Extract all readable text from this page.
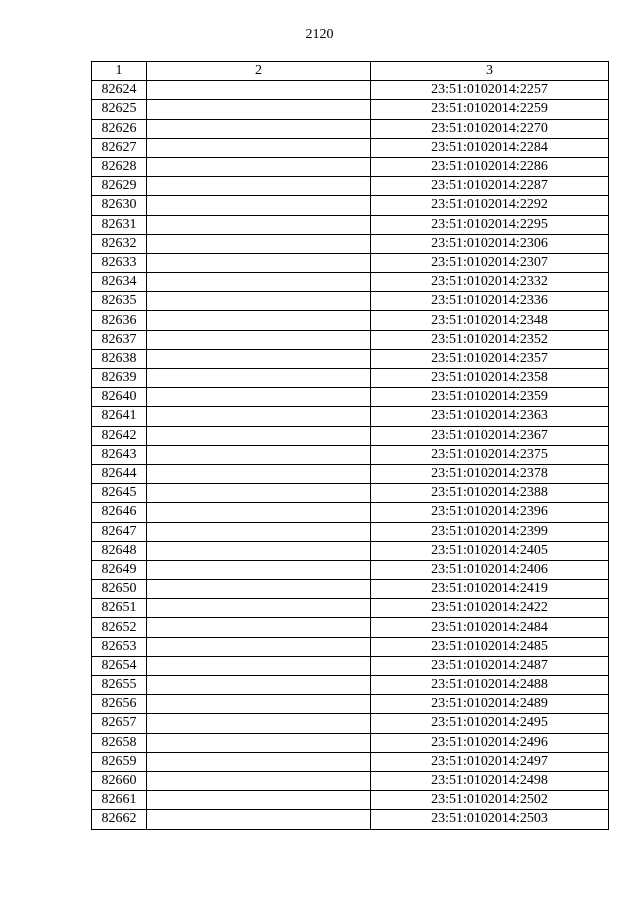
2120
1	2	3
82624		23:51:0102014:2257
82625		23:51:0102014:2259
82626		23:51:0102014:2270
82627		23:51:0102014:2284
82628		23:51:0102014:2286
82629		23:51:0102014:2287
82630		23:51:0102014:2292
82631		23:51:0102014:2295
82632		23:51:0102014:2306
82633		23:51:0102014:2307
82634		23:51:0102014:2332
82635		23:51:0102014:2336
82636		23:51:0102014:2348
82637		23:51:0102014:2352
82638		23:51:0102014:2357
82639		23:51:0102014:2358
82640		23:51:0102014:2359
82641		23:51:0102014:2363
82642		23:51:0102014:2367
82643		23:51:0102014:2375
82644		23:51:0102014:2378
82645		23:51:0102014:2388
82646		23:51:0102014:2396
82647		23:51:0102014:2399
82648		23:51:0102014:2405
82649		23:51:0102014:2406
82650		23:51:0102014:2419
82651		23:51:0102014:2422
82652		23:51:0102014:2484
82653		23:51:0102014:2485
82654		23:51:0102014:2487
82655		23:51:0102014:2488
82656		23:51:0102014:2489
82657		23:51:0102014:2495
82658		23:51:0102014:2496
82659		23:51:0102014:2497
82660		23:51:0102014:2498
82661		23:51:0102014:2502
82662		23:51:0102014:2503
